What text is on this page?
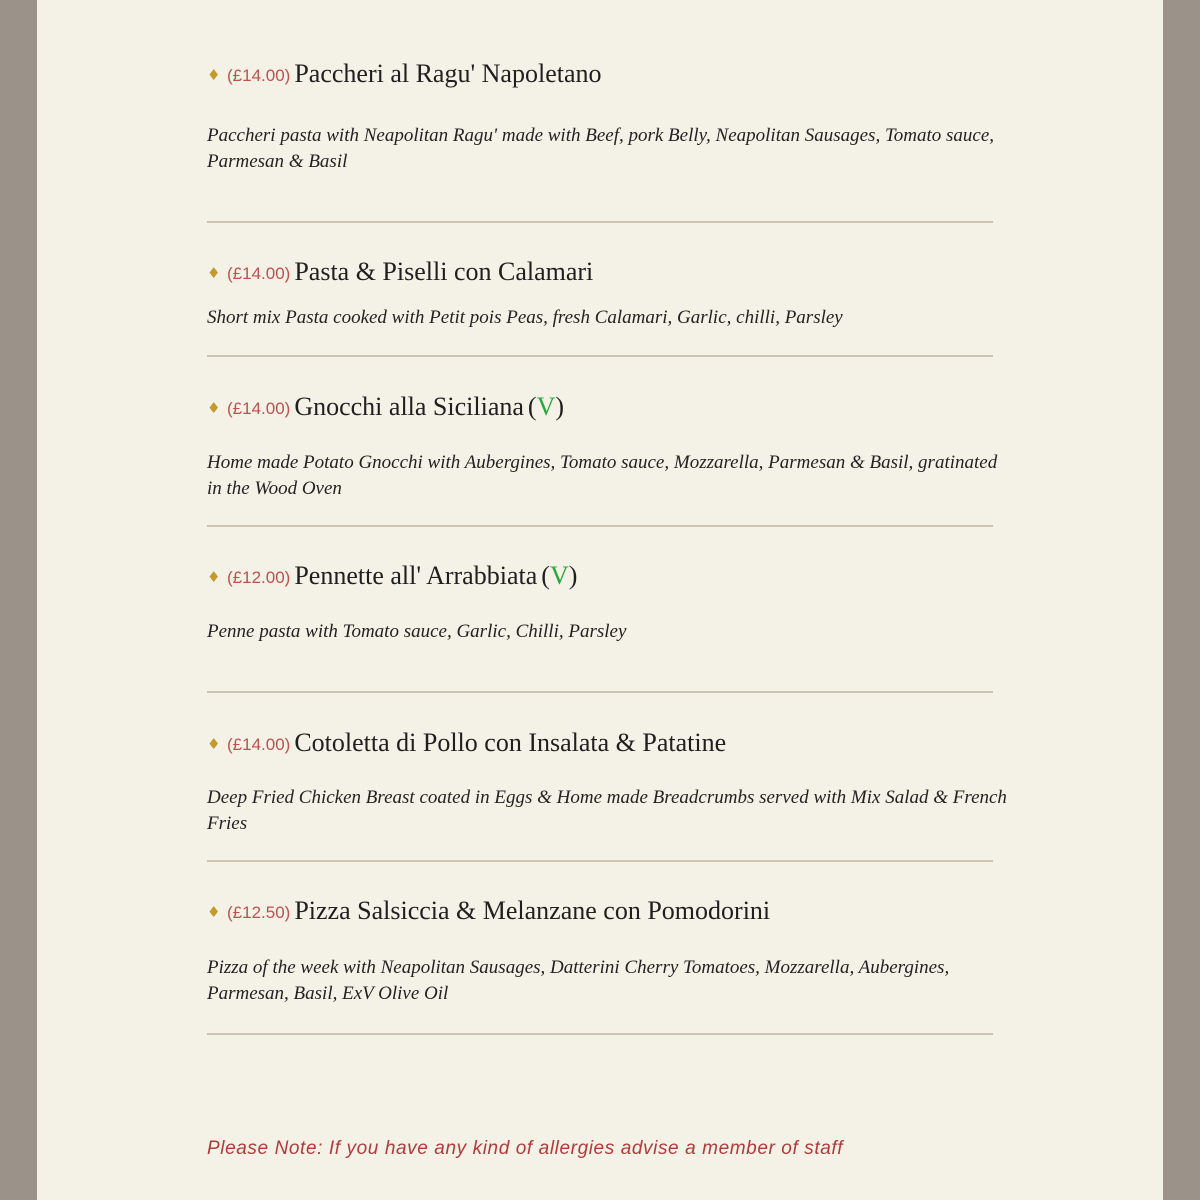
♦ (£14.00) Paccheri al Ragu' Napoletano
Paccheri pasta with Neapolitan Ragu' made with Beef, pork Belly, Neapolitan Sausages, Tomato sauce, Parmesan & Basil
♦ (£14.00) Pasta & Piselli con Calamari
Short mix Pasta cooked with Petit pois Peas, fresh Calamari, Garlic, chilli, Parsley
♦ (£14.00) Gnocchi alla Siciliana (V)
Home made Potato Gnocchi with Aubergines, Tomato sauce, Mozzarella, Parmesan & Basil, gratinated in the Wood Oven
♦ (£12.00) Pennette all' Arrabbiata (V)
Penne pasta with Tomato sauce, Garlic, Chilli, Parsley
♦ (£14.00) Cotoletta di Pollo con Insalata & Patatine
Deep Fried Chicken Breast coated in Eggs & Home made Breadcrumbs served with Mix Salad & French Fries
♦ (£12.50) Pizza Salsiccia & Melanzane con Pomodorini
Pizza of the week with Neapolitan Sausages, Datterini Cherry Tomatoes, Mozzarella, Aubergines, Parmesan, Basil, ExV Olive Oil
Please Note: If you have any kind of allergies advise a member of staff
